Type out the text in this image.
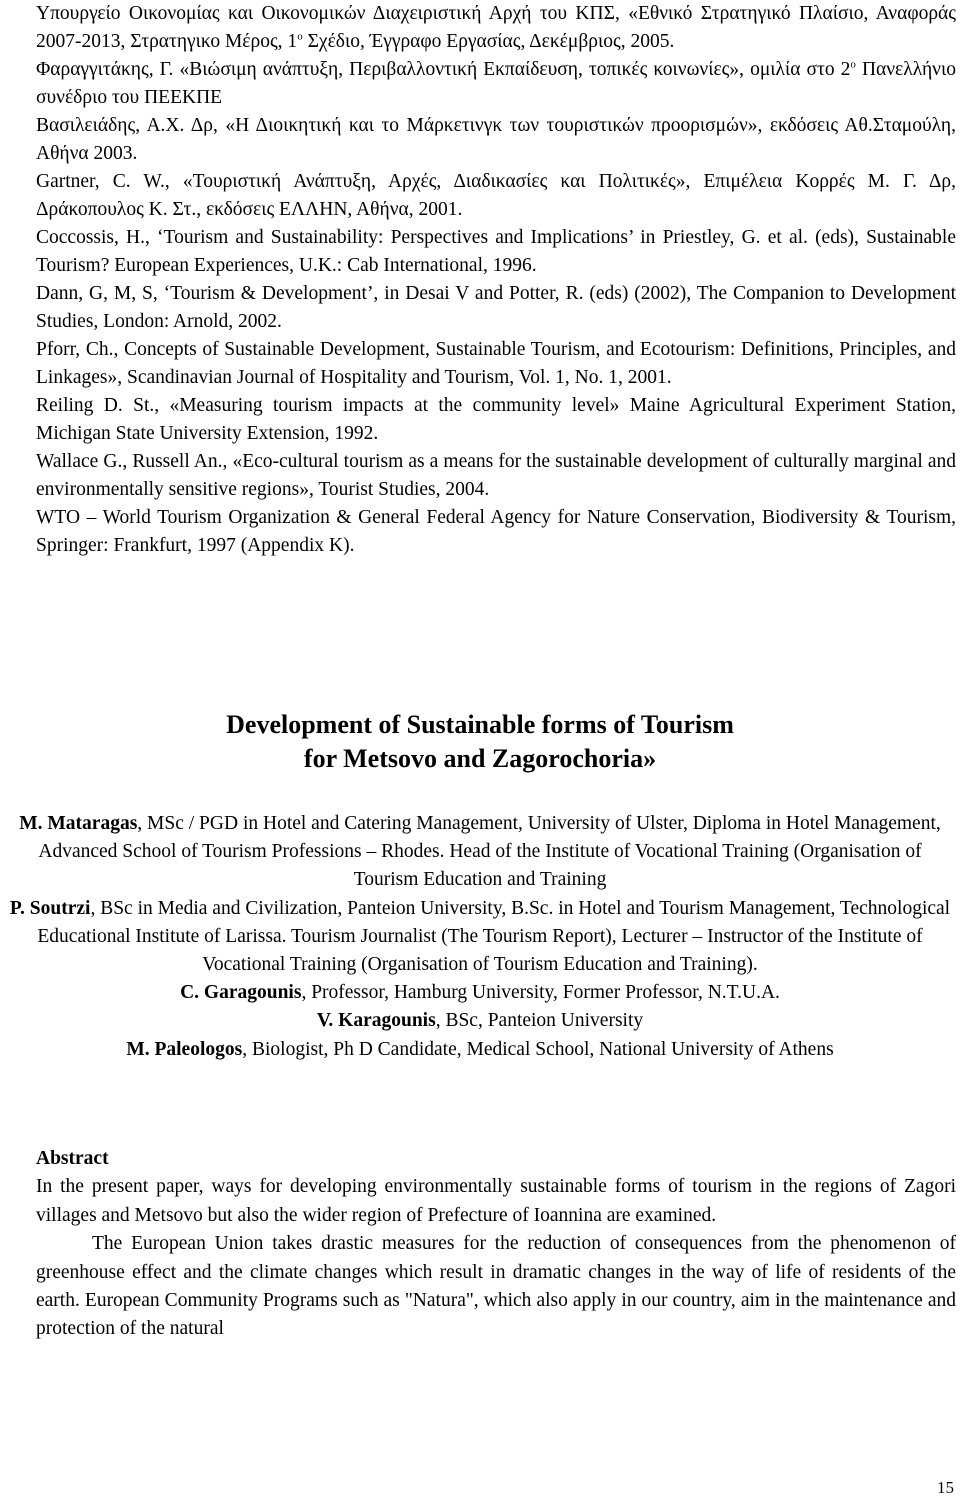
Υπουργείο Οικονομίας και Οικονομικών Διαχειριστική Αρχή του ΚΠΣ, «Εθνικό Στρατηγικό Πλαίσιο, Αναφοράς 2007-2013, Στρατηγικο Μέρος, $1^o$ Σχέδιο, Έγγραφο Εργασίας, Δεκέμβριος, 2005.
Φαραγγιτάκης, Γ. «Βιώσιμη ανάπτυξη, Περιβαλλοντική Εκπαίδευση, τοπικές κοινωνίες», ομιλία στο $2^o$ Πανελλήνιο συνέδριο του ΠΕΕΚΠΕ
Βασιλειάδης, Α.Χ. Δρ, «Η Διοικητική και το Μάρκετινγκ των τουριστικών προορισμών», εκδόσεις Αθ.Σταμούλη, Αθήνα 2003.
Gartner, C. W., «Τουριστική Ανάπτυξη, Αρχές, Διαδικασίες και Πολιτικές», Επιμέλεια Κορρές Μ. Γ. Δρ, Δράκοπουλος Κ. Στ., εκδόσεις ΕΛΛΗΝ, Αθήνα, 2001.
Coccossis, H., ‘Tourism and Sustainability: Perspectives and Implications’ in Priestley, G. et al. (eds), Sustainable Tourism? European Experiences, U.K.: Cab International, 1996.
Dann, G, M, S, ‘Tourism & Development’, in Desai V and Potter, R. (eds) (2002), The Companion to Development Studies, London: Arnold, 2002.
Pforr, Ch., Concepts of Sustainable Development, Sustainable Tourism, and Ecotourism: Definitions, Principles, and Linkages», Scandinavian Journal of Hospitality and Tourism, Vol. 1, No. 1, 2001.
Reiling D. St., «Measuring tourism impacts at the community level» Maine Agricultural Experiment Station, Michigan State University Extension, 1992.
Wallace G., Russell An., «Eco-cultural tourism as a means for the sustainable development of culturally marginal and environmentally sensitive regions», Tourist Studies, 2004.
WTO – World Tourism Organization & General Federal Agency for Nature Conservation, Biodiversity & Tourism, Springer: Frankfurt, 1997 (Appendix K).
Development of Sustainable forms of Tourism
for Metsovo and Zagorochoria»
M. Mataragas, MSc / PGD in Hotel and Catering Management, University of Ulster, Diploma in Hotel Management, Advanced School of Tourism Professions – Rhodes. Head of the Institute of Vocational Training (Organisation of Tourism Education and Training
P. Soutrzi, BSc in Media and Civilization, Panteion University, B.Sc. in Hotel and Tourism Management, Technological Educational Institute of Larissa. Tourism Journalist (The Tourism Report), Lecturer – Instructor of the Institute of Vocational Training (Organisation of Tourism Education and Training).
C. Garagounis, Professor, Hamburg University, Former Professor, N.T.U.A.
V. Karagounis, BSc, Panteion University
M. Paleologos, Biologist, Ph D Candidate, Medical School, National University of Athens
Abstract

In the present paper, ways for developing environmentally sustainable forms of tourism in the regions of Zagori villages and Metsovo but also the wider region of Prefecture of Ioannina are examined.

The European Union takes drastic measures for the reduction of consequences from the phenomenon of greenhouse effect and the climate changes which result in dramatic changes in the way of life of residents of the earth. European Community Programs such as "Natura", which also apply in our country, aim in the maintenance and protection of the natural

15
